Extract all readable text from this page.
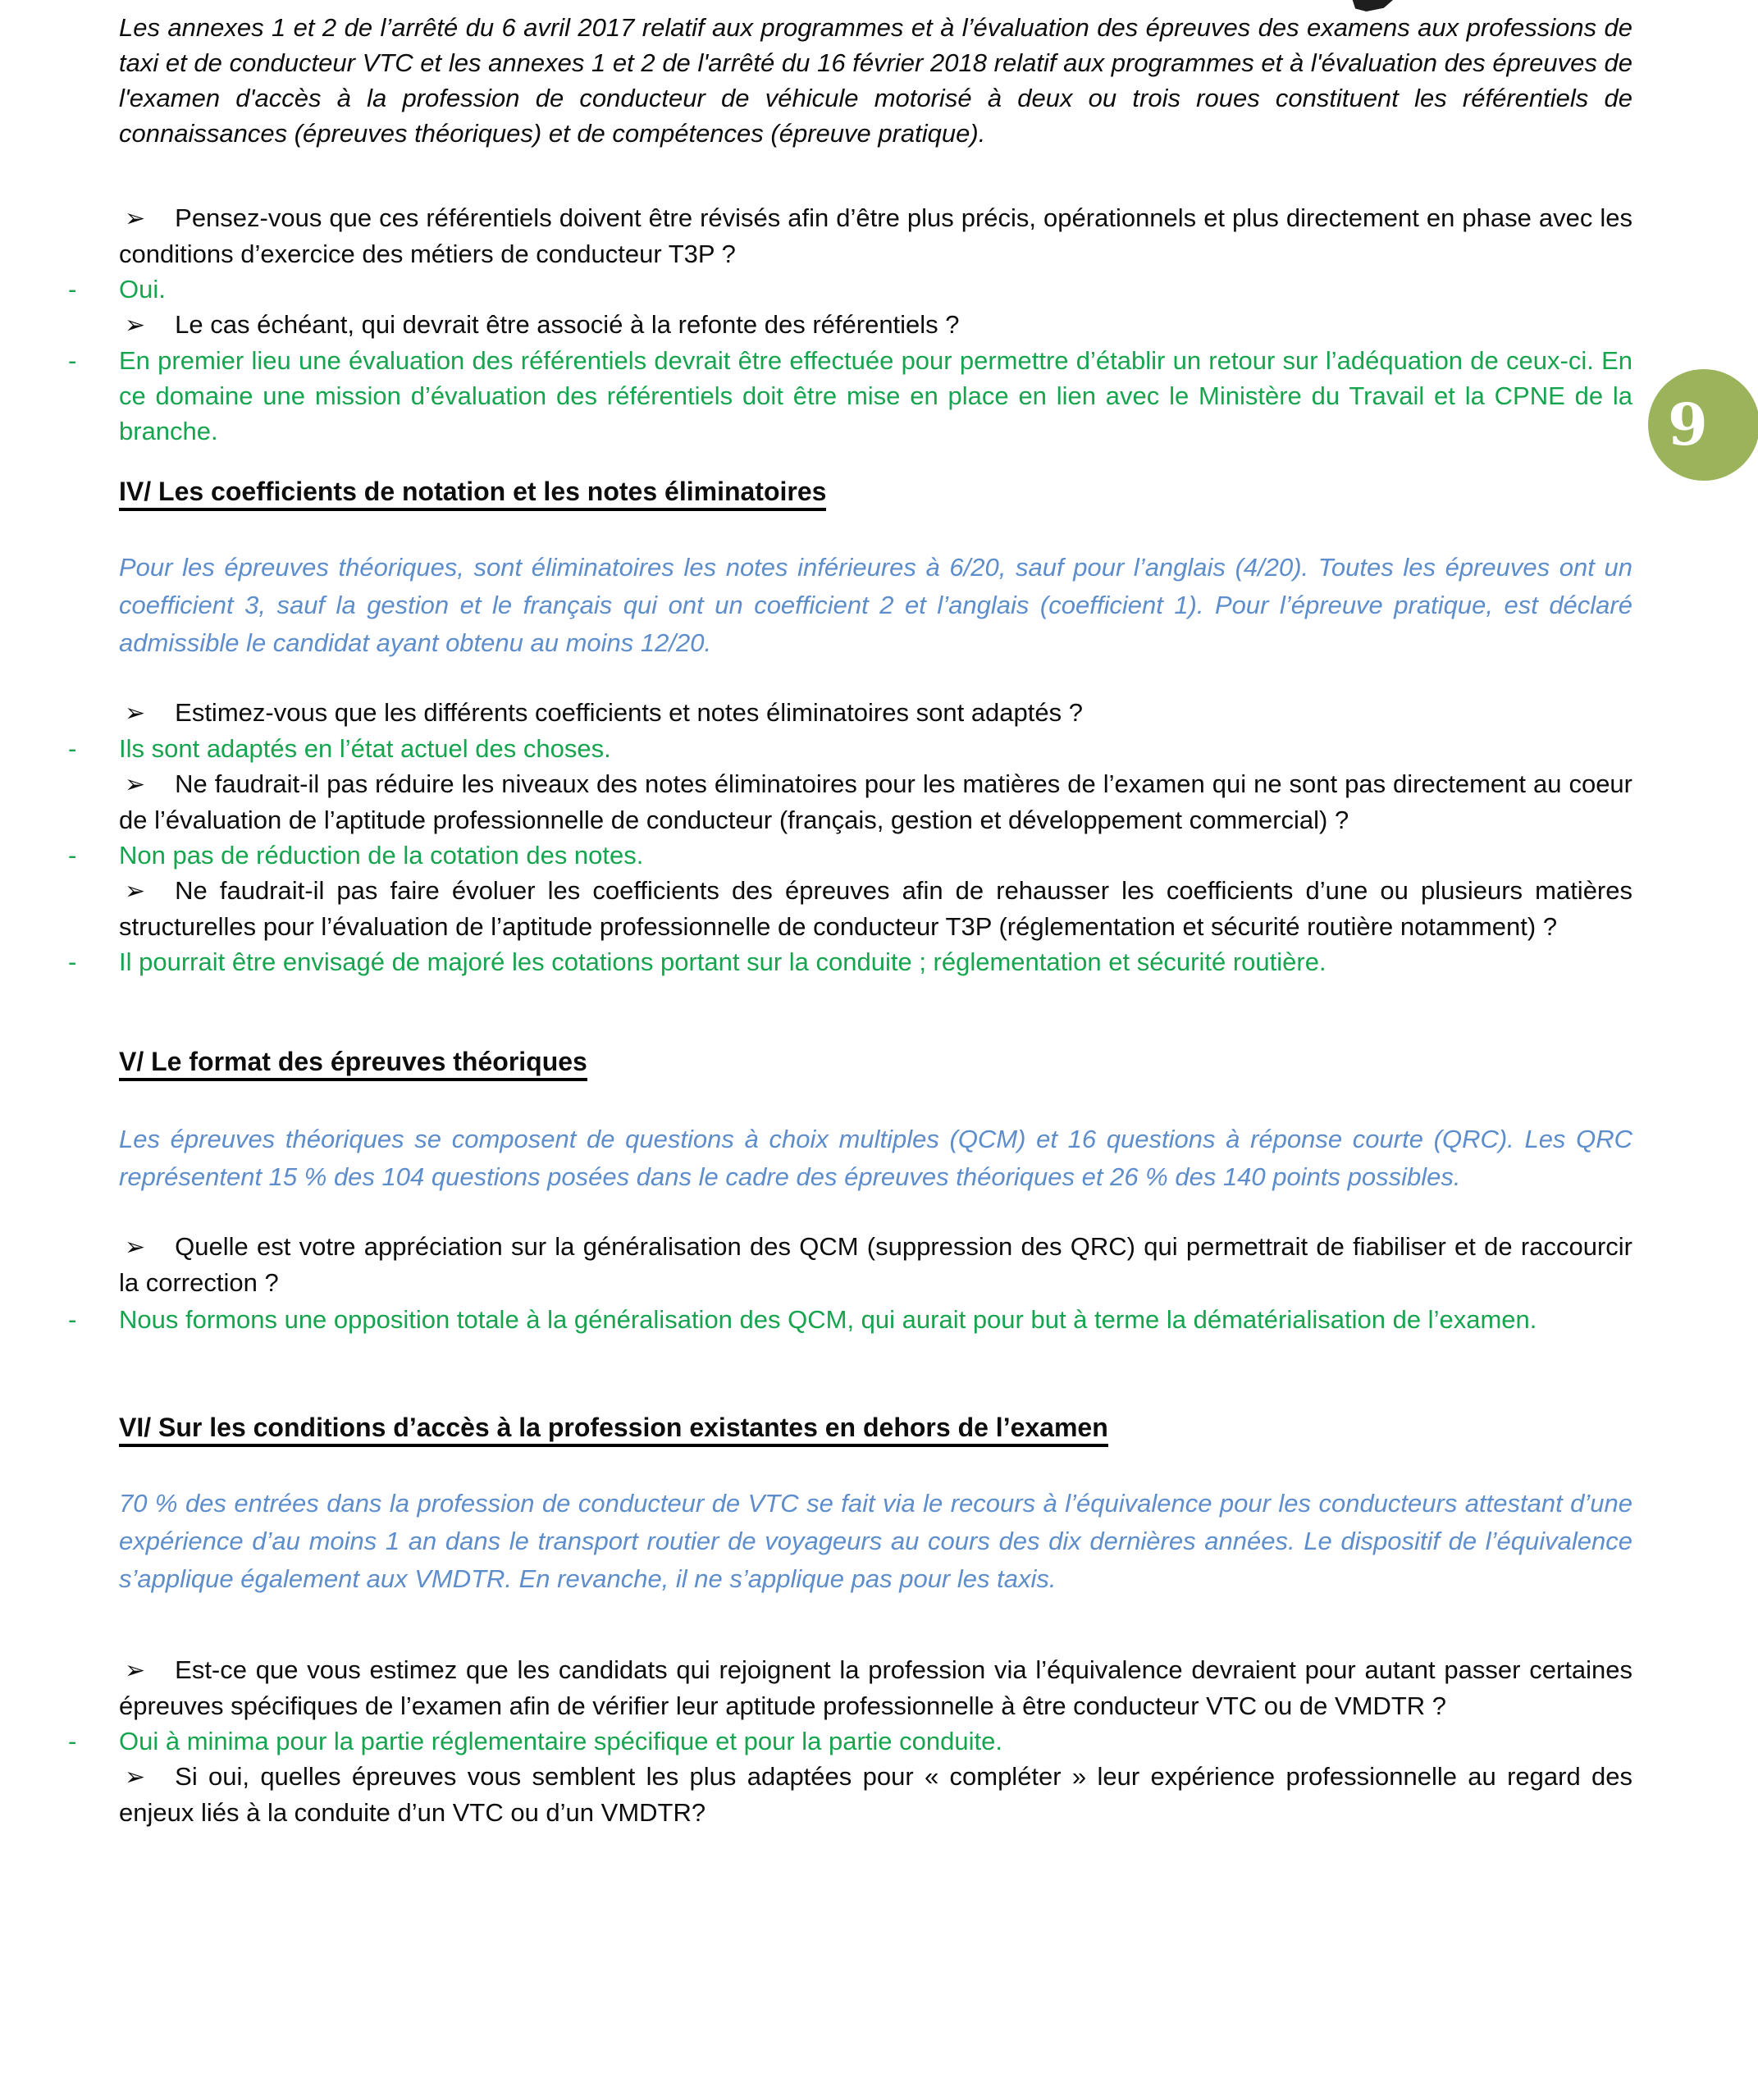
9

Les annexes 1 et 2 de l’arrêté du 6 avril 2017 relatif aux programmes et à l’évaluation des épreuves des examens aux professions de taxi et de conducteur VTC et les annexes 1 et 2 de l'arrêté du 16 février 2018 relatif aux programmes et à l'évaluation des épreuves de l'examen d'accès à la profession de conducteur de véhicule motorisé à deux ou trois roues constituent les référentiels de connaissances (épreuves théoriques) et de compétences (épreuve pratique).

➢ Pensez-vous que ces référentiels doivent être révisés afin d’être plus précis, opérationnels et plus directement en phase avec les conditions d’exercice des métiers de conducteur T3P ?
- Oui.
➢ Le cas échéant, qui devrait être associé à la refonte des référentiels ?
- En premier lieu une évaluation des référentiels devrait être effectuée pour permettre d’établir un retour sur l’adéquation de ceux-ci. En ce domaine une mission d’évaluation des référentiels doit être mise en place en lien avec le Ministère du Travail et la CPNE de la branche.
IV/ Les coefficients de notation et les notes éliminatoires

Pour les épreuves théoriques, sont éliminatoires les notes inférieures à 6/20, sauf pour l’anglais (4/20). Toutes les épreuves ont un coefficient 3, sauf la gestion et le français qui ont un coefficient 2 et l’anglais (coefficient 1). Pour l’épreuve pratique, est déclaré admissible le candidat ayant obtenu au moins 12/20.

➢ Estimez-vous que les différents coefficients et notes éliminatoires sont adaptés ?
- Ils sont adaptés en l’état actuel des choses.
➢ Ne faudrait-il pas réduire les niveaux des notes éliminatoires pour les matières de l’examen qui ne sont pas directement au coeur de l’évaluation de l’aptitude professionnelle de conducteur (français, gestion et développement commercial) ?
- Non pas de réduction de la cotation des notes.
➢ Ne faudrait-il pas faire évoluer les coefficients des épreuves afin de rehausser les coefficients d’une ou plusieurs matières structurelles pour l’évaluation de l’aptitude professionnelle de conducteur T3P (réglementation et sécurité routière notamment) ?
- Il pourrait être envisagé de majoré les cotations portant sur la conduite ; réglementation et sécurité routière.
V/ Le format des épreuves théoriques

Les épreuves théoriques se composent de questions à choix multiples (QCM) et 16 questions à réponse courte (QRC). Les QRC représentent 15 % des 104 questions posées dans le cadre des épreuves théoriques et 26 % des 140 points possibles.

➢ Quelle est votre appréciation sur la généralisation des QCM (suppression des QRC) qui permettrait de fiabiliser et de raccourcir la correction ?
- Nous formons une opposition totale à la généralisation des QCM, qui aurait pour but à terme la dématérialisation de l’examen.
VI/ Sur les conditions d’accès à la profession existantes en dehors de l’examen

70 % des entrées dans la profession de conducteur de VTC se fait via le recours à l’équivalence pour les conducteurs attestant d’une expérience d’au moins 1 an dans le transport routier de voyageurs au cours des dix dernières années. Le dispositif de l’équivalence s’applique également aux VMDTR. En revanche, il ne s’applique pas pour les taxis.

➢ Est-ce que vous estimez que les candidats qui rejoignent la profession via l’équivalence devraient pour autant passer certaines épreuves spécifiques de l’examen afin de vérifier leur aptitude professionnelle à être conducteur VTC ou de VMDTR ?
- Oui à minima pour la partie réglementaire spécifique et pour la partie conduite.
➢ Si oui, quelles épreuves vous semblent les plus adaptées pour « compléter » leur expérience professionnelle au regard des enjeux liés à la conduite d’un VTC ou d’un VMDTR?
